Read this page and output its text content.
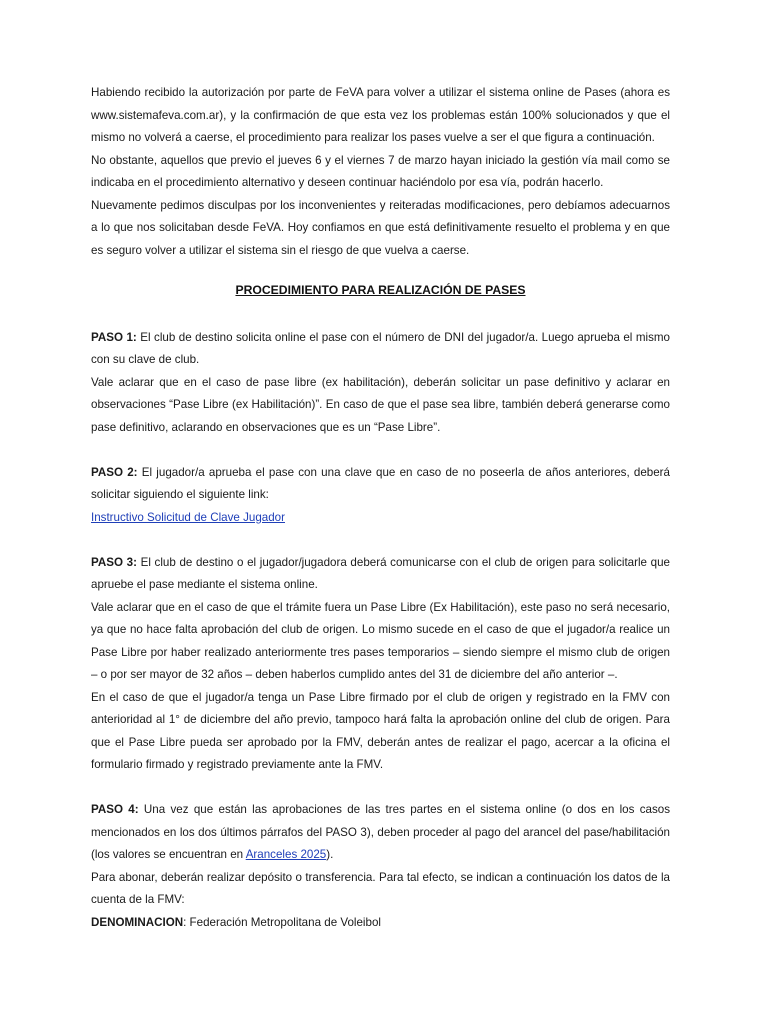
Habiendo recibido la autorización por parte de FeVA para volver a utilizar el sistema online de Pases (ahora es www.sistemafeva.com.ar), y la confirmación de que esta vez los problemas están 100% solucionados y que el mismo no volverá a caerse, el procedimiento para realizar los pases vuelve a ser el que figura a continuación.

No obstante, aquellos que previo el jueves 6 y el viernes 7 de marzo hayan iniciado la gestión vía mail como se indicaba en el procedimiento alternativo y deseen continuar haciéndolo por esa vía, podrán hacerlo.

Nuevamente pedimos disculpas por los inconvenientes y reiteradas modificaciones, pero debíamos adecuarnos a lo que nos solicitaban desde FeVA. Hoy confiamos en que está definitivamente resuelto el problema y en que es seguro volver a utilizar el sistema sin el riesgo de que vuelva a caerse.

PROCEDIMIENTO PARA REALIZACIÓN DE PASES

PASO 1: El club de destino solicita online el pase con el número de DNI del jugador/a. Luego aprueba el mismo con su clave de club.

Vale aclarar que en el caso de pase libre (ex habilitación), deberán solicitar un pase definitivo y aclarar en observaciones “Pase Libre (ex Habilitación)”. En caso de que el pase sea libre, también deberá generarse como pase definitivo, aclarando en observaciones que es un “Pase Libre”.

PASO 2: El jugador/a aprueba el pase con una clave que en caso de no poseerla de años anteriores, deberá solicitar siguiendo el siguiente link:

Instructivo Solicitud de Clave Jugador

PASO 3: El club de destino o el jugador/jugadora deberá comunicarse con el club de origen para solicitarle que apruebe el pase mediante el sistema online.

Vale aclarar que en el caso de que el trámite fuera un Pase Libre (Ex Habilitación), este paso no será necesario, ya que no hace falta aprobación del club de origen. Lo mismo sucede en el caso de que el jugador/a realice un Pase Libre por haber realizado anteriormente tres pases temporarios – siendo siempre el mismo club de origen – o por ser mayor de 32 años – deben haberlos cumplido antes del 31 de diciembre del año anterior –.

En el caso de que el jugador/a tenga un Pase Libre firmado por el club de origen y registrado en la FMV con anterioridad al 1° de diciembre del año previo, tampoco hará falta la aprobación online del club de origen. Para que el Pase Libre pueda ser aprobado por la FMV, deberán antes de realizar el pago, acercar a la oficina el formulario firmado y registrado previamente ante la FMV.

PASO 4: Una vez que están las aprobaciones de las tres partes en el sistema online (o dos en los casos mencionados en los dos últimos párrafos del PASO 3), deben proceder al pago del arancel del pase/habilitación (los valores se encuentran en Aranceles 2025).

Para abonar, deberán realizar depósito o transferencia. Para tal efecto, se indican a continuación los datos de la cuenta de la FMV:

DENOMINACION: Federación Metropolitana de Voleibol
